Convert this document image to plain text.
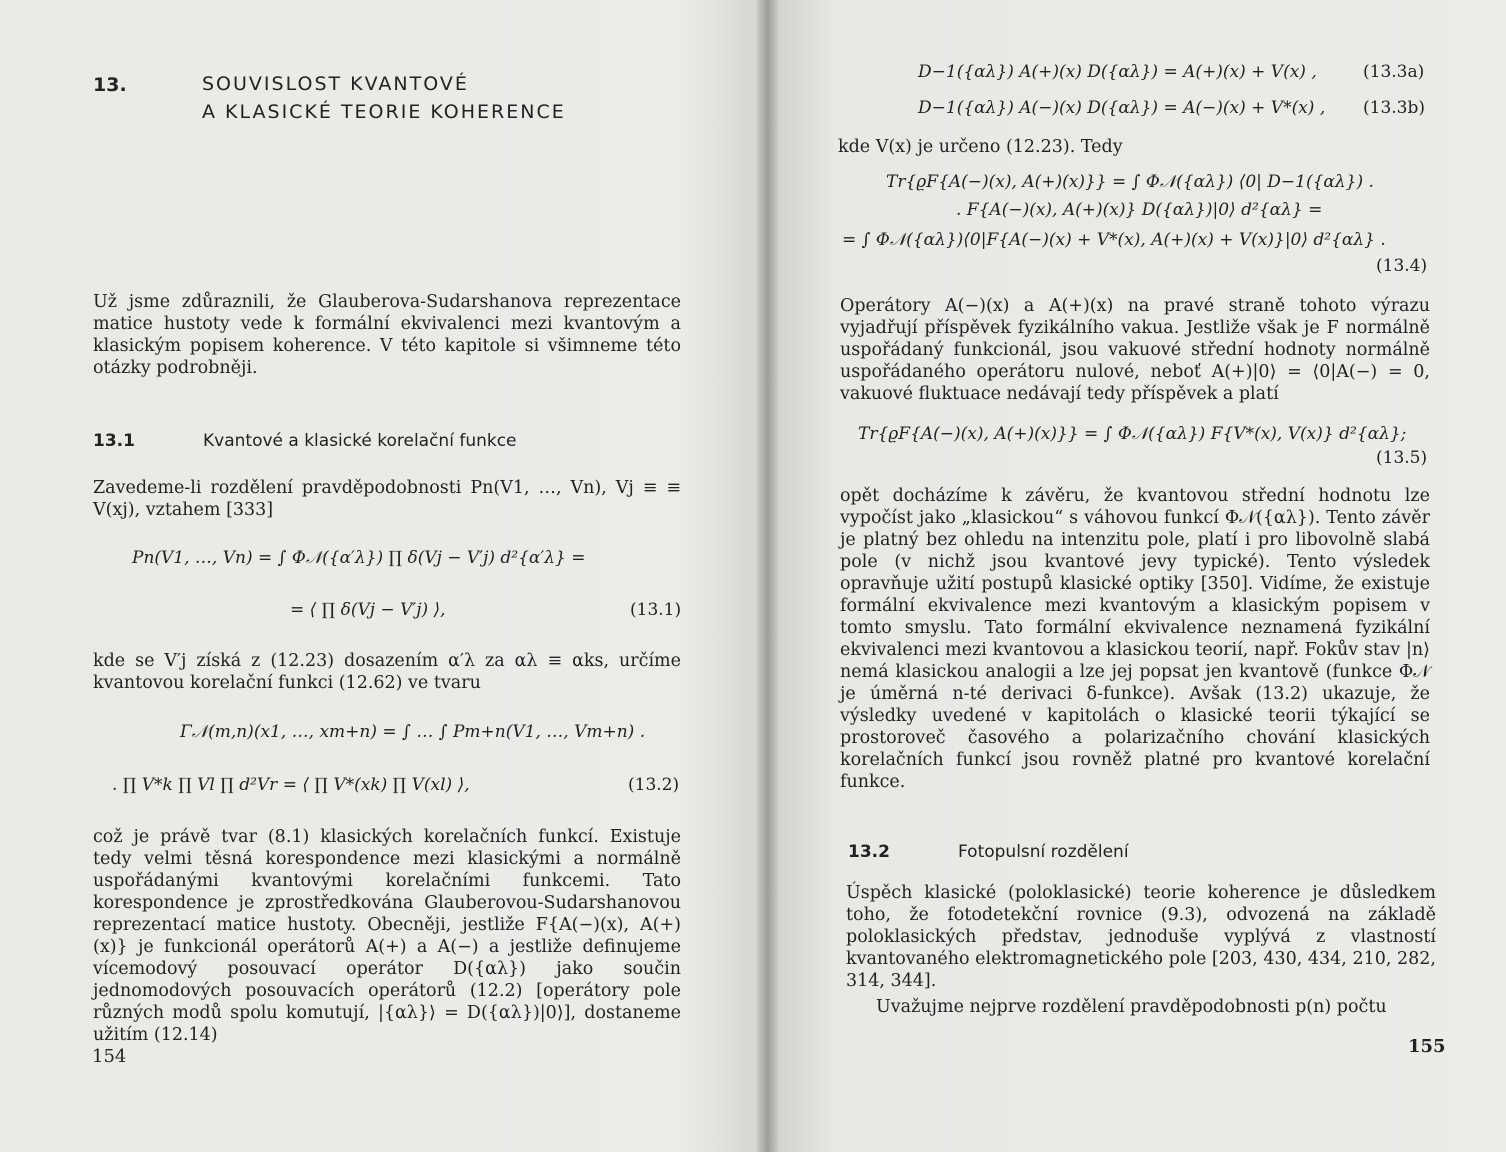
13.	SOUVISLOST KVANTOVÉ
A KLASICKÉ TEORIE KOHERENCE
Už jsme zdůraznili, že Glauberova-Sudarshanova reprezentace matice hustoty vede k formální ekvivalenci mezi kvantovým a klasickým popisem koherence. V této kapitole si všimneme této otázky podrobněji.
13.1	Kvantové a klasické korelační funkce
Zavedeme-li rozdělení pravděpodobnosti Pn(V1, …, Vn), Vj ≡ ≡ V(xj), vztahem [333]
Pn(V1, …, Vn) = ∫ Φ𝒩({α′λ}) ∏ δ(Vj − V′j) d²{α′λ} =
= ⟨ ∏ δ(Vj − V′j) ⟩,	(13.1)
kde se V′j získá z (12.23) dosazením α′λ za αλ ≡ αks, určíme kvantovou korelační funkci (12.62) ve tvaru
Γ𝒩(m,n)(x1, …, xm+n) = ∫ … ∫ Pm+n(V1, …, Vm+n) .
. ∏ V*k ∏ Vl ∏ d²Vr = ⟨ ∏ V*(xk) ∏ V(xl) ⟩,	(13.2)
což je právě tvar (8.1) klasických korelačních funkcí. Existuje tedy velmi těsná korespondence mezi klasickými a normálně uspořádanými kvantovými korelačními funkcemi. Tato korespondence je zprostředkována Glauberovou-Sudarshanovou reprezentací matice hustoty. Obecněji, jestliže F{A(−)(x), A(+)(x)} je funkcionál operátorů A(+) a A(−) a jestliže definujeme vícemodový posouvací operátor D({αλ}) jako součin jednomodových posouvacích operátorů (12.2) [operátory pole různých modů spolu komutují, |{αλ}⟩ = D({αλ})|0⟩], dostaneme užitím (12.14)
154
D−1({αλ}) A(+)(x) D({αλ}) = A(+)(x) + V(x) ,	(13.3a)
D−1({αλ}) A(−)(x) D({αλ}) = A(−)(x) + V*(x) , (13.3b)
kde V(x) je určeno (12.23). Tedy
Tr{ϱF{A(−)(x), A(+)(x)}} = ∫ Φ𝒩({αλ}) ⟨0| D−1({αλ}) .
. F{A(−)(x), A(+)(x)} D({αλ})|0⟩ d²{αλ} =
= ∫ Φ𝒩({αλ})⟨0|F{A(−)(x) + V*(x), A(+)(x) + V(x)}|0⟩ d²{αλ} .
(13.4)
Operátory A(−)(x) a A(+)(x) na pravé straně tohoto výrazu vyjadřují příspěvek fyzikálního vakua. Jestliže však je F normálně uspořádaný funkcionál, jsou vakuové střední hodnoty normálně uspořádaného operátoru nulové, neboť A(+)|0⟩ = ⟨0|A(−) = 0, vakuové fluktuace nedávají tedy příspěvek a platí
Tr{ϱF{A(−)(x), A(+)(x)}} = ∫ Φ𝒩({αλ}) F{V*(x), V(x)} d²{αλ};
(13.5)
opět docházíme k závěru, že kvantovou střední hodnotu lze vypočíst jako „klasickou“ s váhovou funkcí Φ𝒩({αλ}). Tento závěr je platný bez ohledu na intenzitu pole, platí i pro libovolně slabá pole (v nichž jsou kvantové jevy typické). Tento výsledek opravňuje užití postupů klasické optiky [350]. Vidíme, že existuje formální ekvivalence mezi kvantovým a klasickým popisem v tomto smyslu. Tato formální ekvivalence neznamená fyzikální ekvivalenci mezi kvantovou a klasickou teorií, např. Fokův stav |n⟩ nemá klasickou analogii a lze jej popsat jen kvantově (funkce Φ𝒩 je úměrná n-té derivaci δ-funkce). Avšak (13.2) ukazuje, že výsledky uvedené v kapitolách o klasické teorii týkající se prostoroveč časového a polarizačního chování klasických korelačních funkcí jsou rovněž platné pro kvantové korelační funkce.
13.2	Fotopulsní rozdělení
Úspěch klasické (poloklasické) teorie koherence je důsledkem toho, že fotodetekční rovnice (9.3), odvozená na základě poloklasických představ, jednoduše vyplývá z vlastností kvantovaného elektromagnetického pole [203, 430, 434, 210, 282, 314, 344].
Uvažujme nejprve rozdělení pravděpodobnosti p(n) počtu
155
